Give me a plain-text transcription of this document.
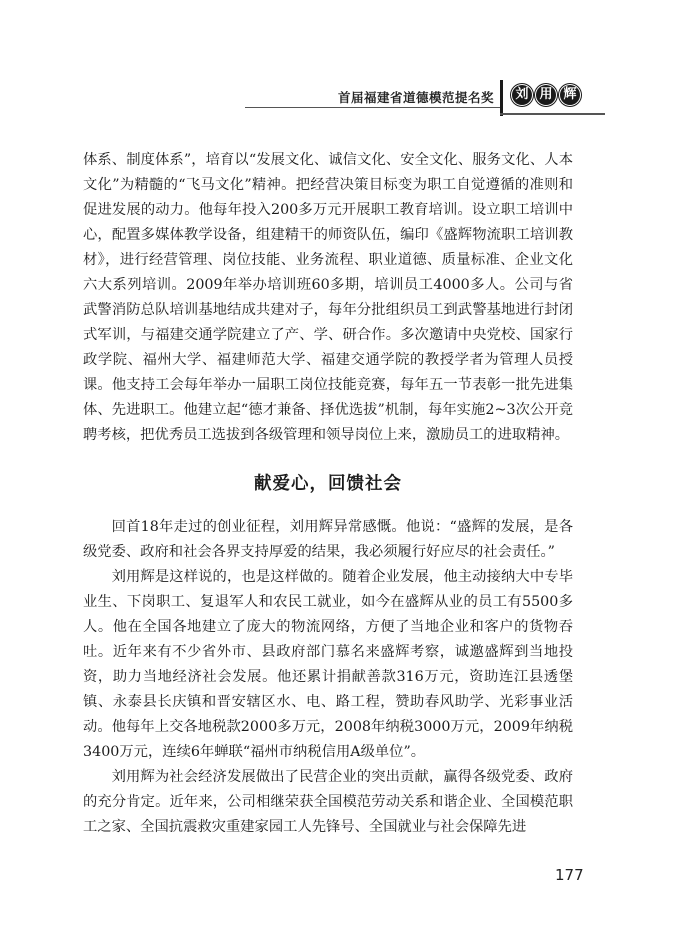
首届福建省道德模范提名奖	刘 用 辉

体系、制度体系”，培育以“发展文化、诚信文化、安全文化、服务文化、人本文化”为精髓的“飞马文化”精神。把经营决策目标变为职工自觉遵循的准则和促进发展的动力。他每年投入200多万元开展职工教育培训。设立职工培训中心，配置多媒体教学设备，组建精干的师资队伍，编印《盛辉物流职工培训教材》，进行经营管理、岗位技能、业务流程、职业道德、质量标准、企业文化六大系列培训。2009年举办培训班60多期，培训员工4000多人。公司与省武警消防总队培训基地结成共建对子，每年分批组织员工到武警基地进行封闭式军训，与福建交通学院建立了产、学、研合作。多次邀请中央党校、国家行政学院、福州大学、福建师范大学、福建交通学院的教授学者为管理人员授课。他支持工会每年举办一届职工岗位技能竞赛，每年五一节表彰一批先进集体、先进职工。他建立起“德才兼备、择优选拔”机制，每年实施2~3次公开竞聘考核，把优秀员工选拔到各级管理和领导岗位上来，激励员工的进取精神。

献爱心，回馈社会

回首18年走过的创业征程，刘用辉异常感慨。他说：“盛辉的发展，是各级党委、政府和社会各界支持厚爱的结果，我必须履行好应尽的社会责任。”

刘用辉是这样说的，也是这样做的。随着企业发展，他主动接纳大中专毕业生、下岗职工、复退军人和农民工就业，如今在盛辉从业的员工有5500多人。他在全国各地建立了庞大的物流网络，方便了当地企业和客户的货物吞吐。近年来有不少省外市、县政府部门慕名来盛辉考察，诚邀盛辉到当地投资，助力当地经济社会发展。他还累计捐献善款316万元，资助连江县透堡镇、永泰县长庆镇和晋安辖区水、电、路工程，赞助春风助学、光彩事业活动。他每年上交各地税款2000多万元，2008年纳税3000万元，2009年纳税3400万元，连续6年蝉联“福州市纳税信用A级单位”。

刘用辉为社会经济发展做出了民营企业的突出贡献，赢得各级党委、政府的充分肯定。近年来，公司相继荣获全国模范劳动关系和谐企业、全国模范职工之家、全国抗震救灾重建家园工人先锋号、全国就业与社会保障先进

177
